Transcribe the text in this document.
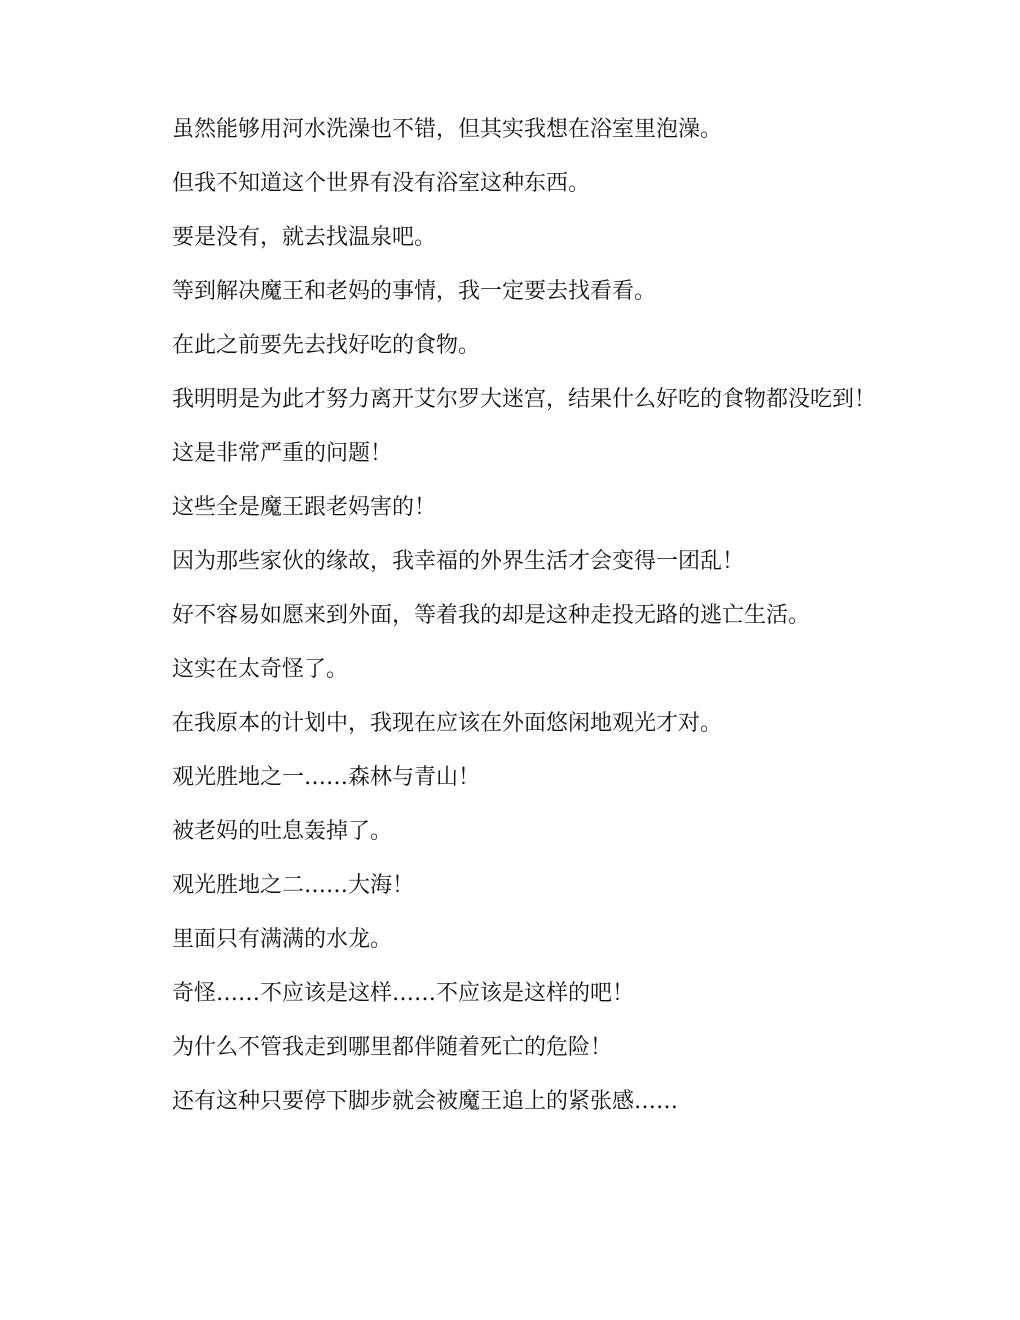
虽然能够用河水洗澡也不错，但其实我想在浴室里泡澡。

但我不知道这个世界有没有浴室这种东西。

要是没有，就去找温泉吧。

等到解决魔王和老妈的事情，我一定要去找看看。

在此之前要先去找好吃的食物。

我明明是为此才努力离开艾尔罗大迷宫，结果什么好吃的食物都没吃到！

这是非常严重的问题！

这些全是魔王跟老妈害的！

因为那些家伙的缘故，我幸福的外界生活才会变得一团乱！

好不容易如愿来到外面，等着我的却是这种走投无路的逃亡生活。

这实在太奇怪了。

在我原本的计划中，我现在应该在外面悠闲地观光才对。

观光胜地之一……森林与青山！

被老妈的吐息轰掉了。

观光胜地之二……大海！

里面只有满满的水龙。

奇怪……不应该是这样……不应该是这样的吧！

为什么不管我走到哪里都伴随着死亡的危险！

还有这种只要停下脚步就会被魔王追上的紧张感……
